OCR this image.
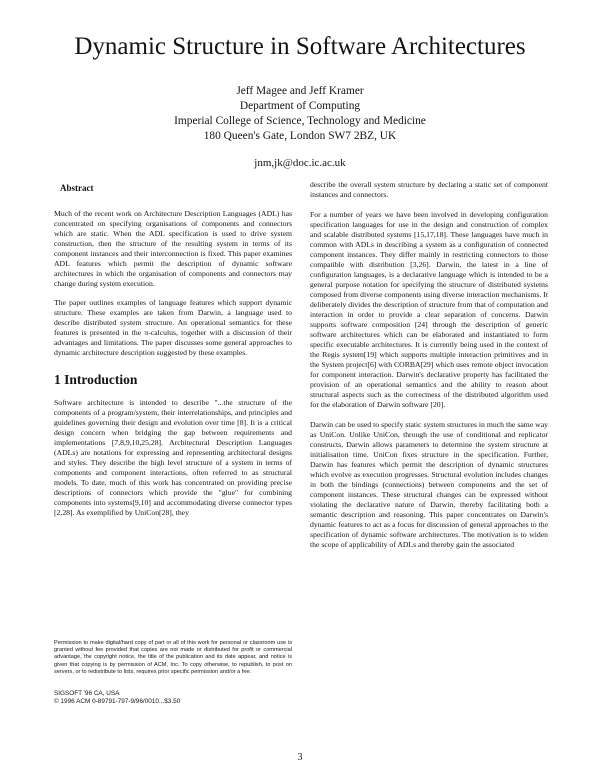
Dynamic Structure in Software Architectures
Jeff Magee and Jeff Kramer
Department of Computing
Imperial College of Science, Technology and Medicine
180 Queen's Gate, London SW7 2BZ, UK
jnm,jk@doc.ic.ac.uk
Abstract

Much of the recent work on Architecture Description Languages (ADL) has concentrated on specifying organisations of components and connectors which are static. When the ADL specification is used to drive system construction, then the structure of the resulting system in terms of its component instances and their interconnection is fixed. This paper examines ADL features which permit the description of dynamic software architectures in which the organisation of components and connectors may change during system execution.

The paper outlines examples of language features which support dynamic structure. These examples are taken from Darwin, a language used to describe distributed system structure. An operational semantics for these features is presented in the π-calculus, together with a discussion of their advantages and limitations. The paper discusses some general approaches to dynamic architecture description suggested by these examples.

1 Introduction

Software architecture is intended to describe "...the structure of the components of a program/system, their interrelationships, and principles and guidelines governing their design and evolution over time [8]. It is a critical design concern when bridging the gap between requirements and implementations [7,8,9,10,25,28]. Architectural Description Languages (ADLs) are notations for expressing and representing architectural designs and styles. They describe the high level structure of a system in terms of components and component interactions, often referred to as structural models. To date, much of this work has concentrated on providing precise descriptions of connectors which provide the "glue" for combining components into systems[9,10] and accommodating diverse connector types [2,28]. As exemplified by UniCon[28], they

Permission to make digital/hard copy of part or all of this work for personal or classroom use is granted without fee provided that copies are not made or distributed for profit or commercial advantage, the copyright notice, the title of the publication and its date appear, and notice is given that copying is by permission of ACM, Inc. To copy otherwise, to republish, to post on servers, or to redistribute to lists, requires prior specific permission and/or a fee.

SIGSOFT '96 CA, USA
© 1996 ACM 0-89791-797-9/96/0010...$3.50

describe the overall system structure by declaring a static set of component instances and connectors.

For a number of years we have been involved in developing configuration specification languages for use in the design and construction of complex and scalable distributed systems [15,17,18]. These languages have much in common with ADLs in describing a system as a configuration of connected component instances. They differ mainly in restricting connectors to those compatible with distribution [3,26]. Darwin, the latest in a line of configuration languages, is a declarative language which is intended to be a general purpose notation for specifying the structure of distributed systems composed from diverse components using diverse interaction mechanisms. It deliberately divides the description of structure from that of computation and interaction in order to provide a clear separation of concerns. Darwin supports software composition [24] through the description of generic software architectures which can be elaborated and instantiated to form specific executable architectures. It is currently being used in the context of the Regis system[19] which supports multiple interaction primitives and in the System project[6] with CORBA[29] which uses remote object invocation for component interaction. Darwin's declarative property has facilitated the provision of an operational semantics and the ability to reason about structural aspects such as the correctness of the distributed algorithm used for the elaboration of Darwin software [20].

Darwin can be used to specify static system structures in much the same way as UniCon. Unlike UniCon, through the use of conditional and replicator constructs, Darwin allows parameters to determine the system structure at initialisation time. UniCon fixes structure in the specification. Further, Darwin has features which permit the description of dynamic structures which evolve as execution progresses. Structural evolution includes changes in both the bindings (connections) between components and the set of component instances. These structural changes can be expressed without violating the declarative nature of Darwin, thereby facilitating both a semantic description and reasoning. This paper concentrates on Darwin's dynamic features to act as a focus for discussion of general approaches to the specification of dynamic software architectures. The motivation is to widen the scope of applicability of ADLs and thereby gain the associated

3
